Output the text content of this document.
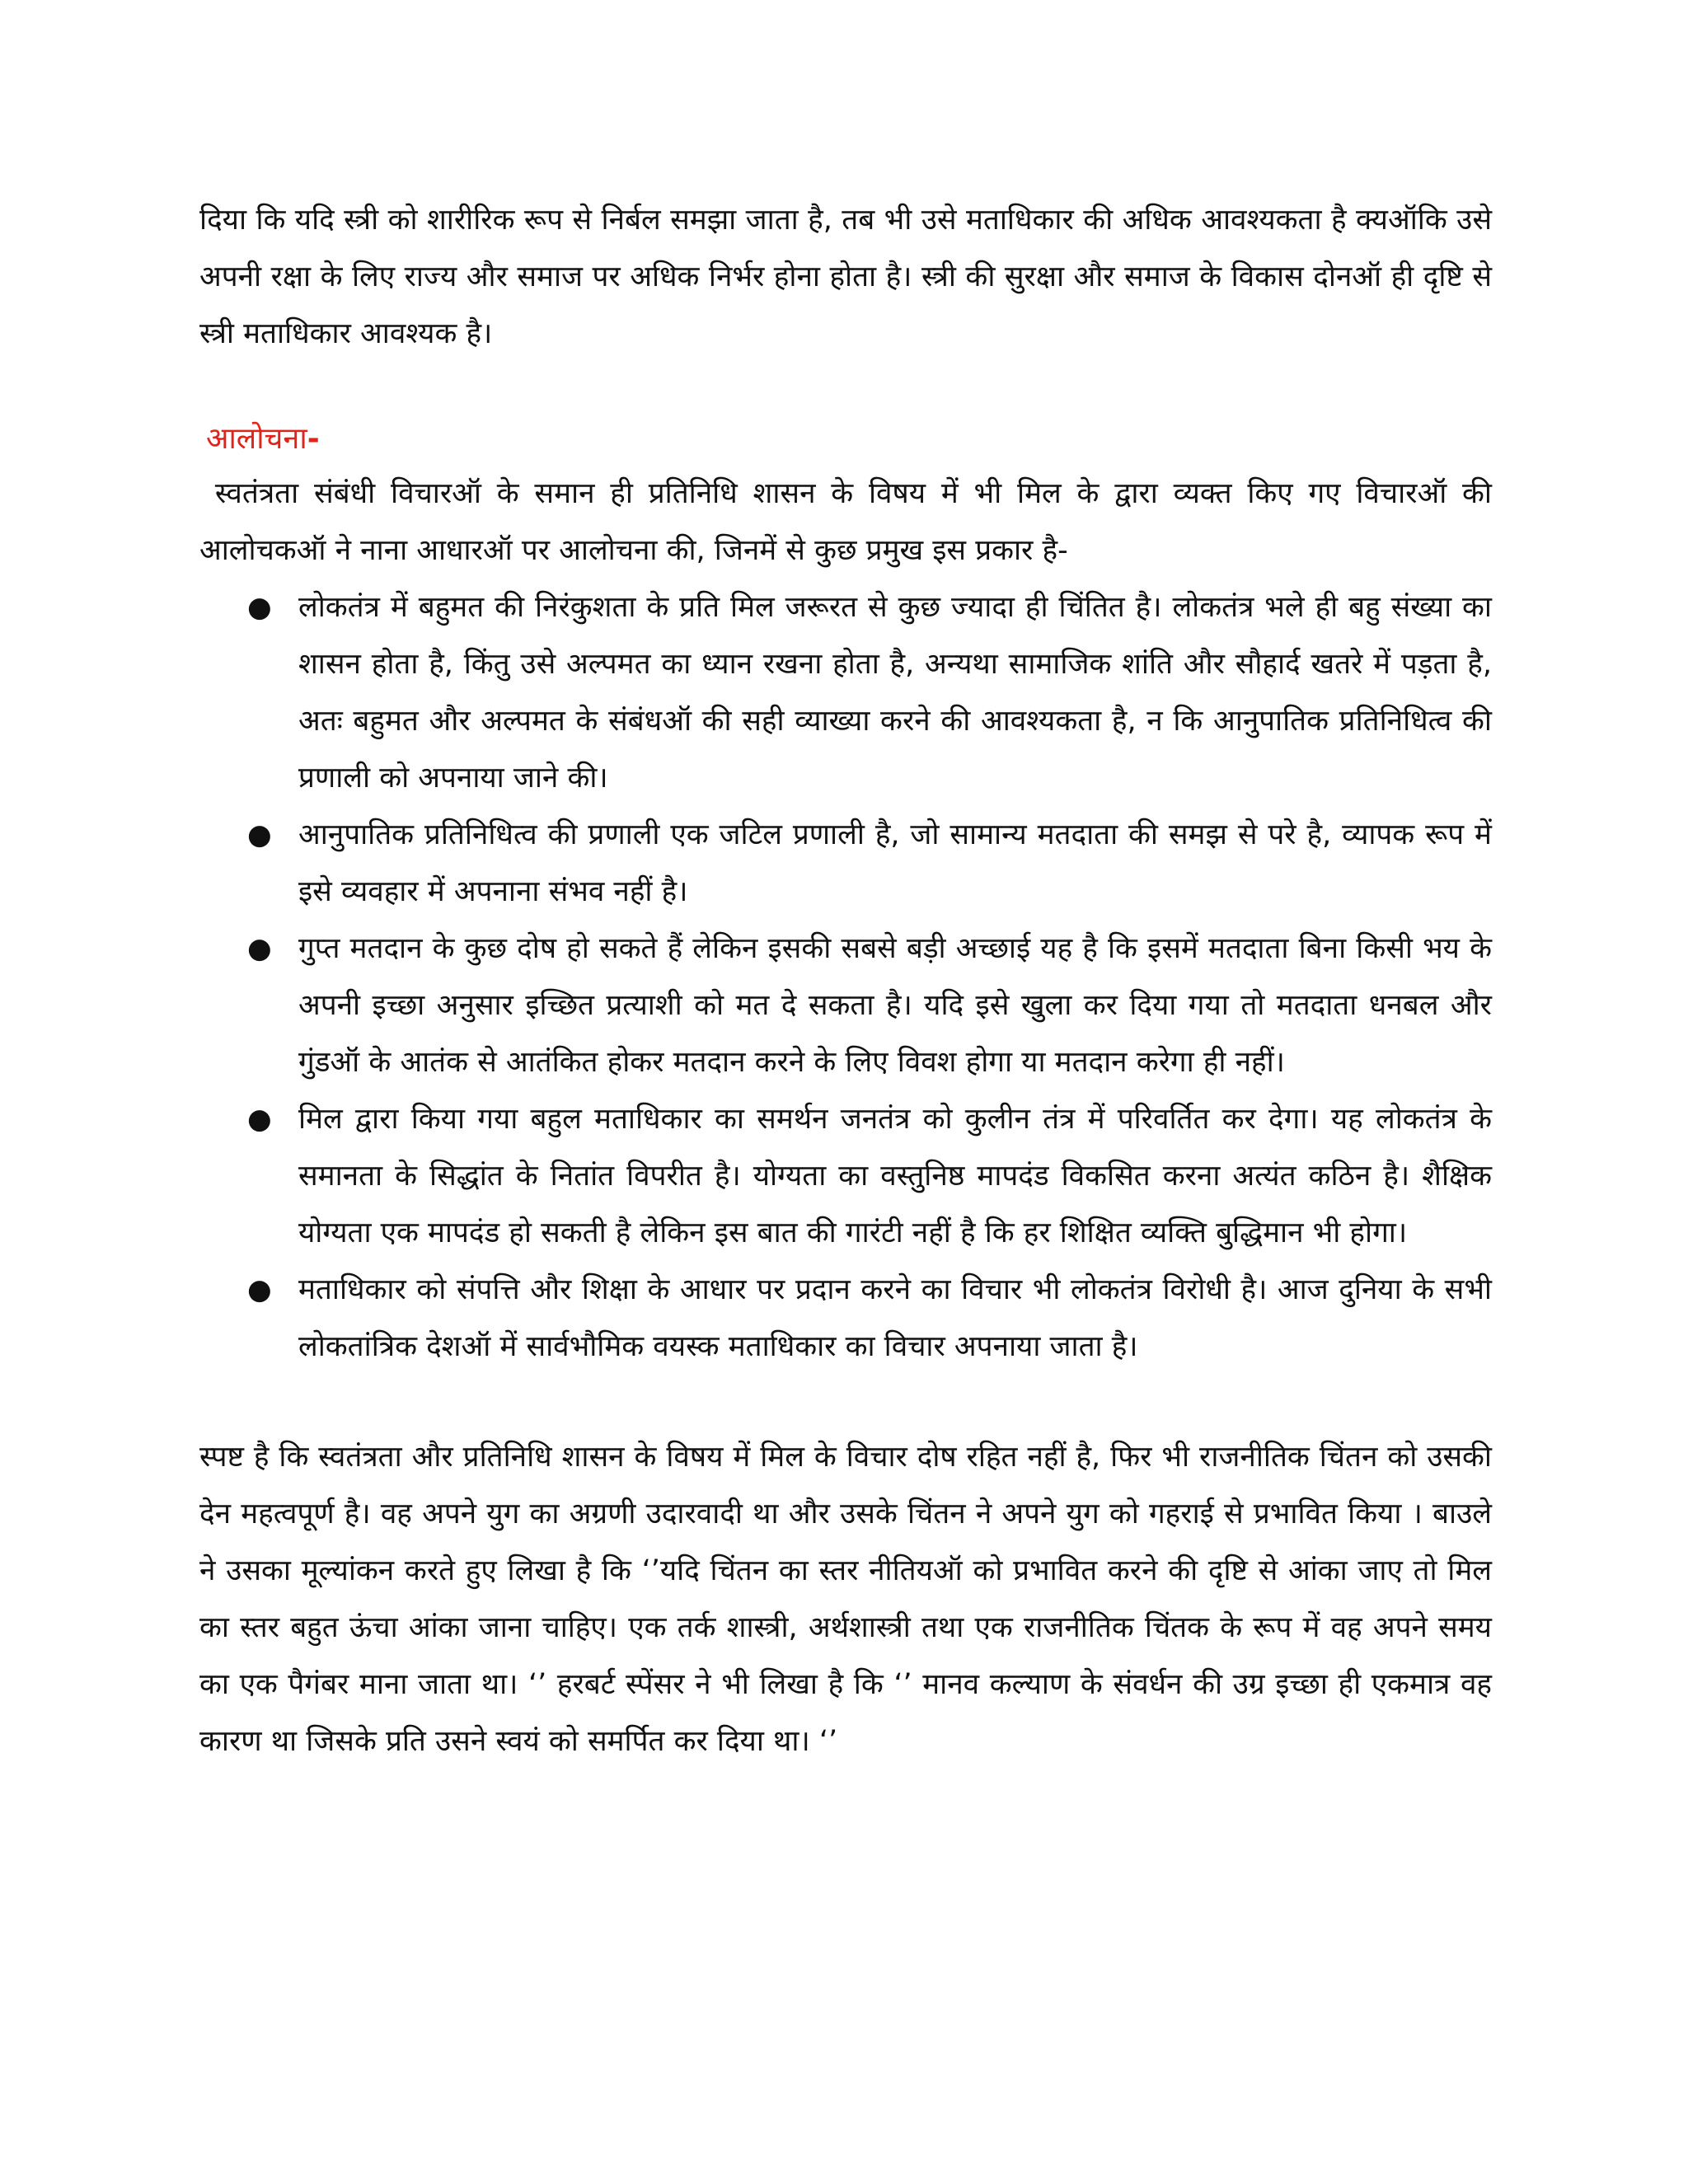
दिया कि यदि स्त्री को शारीरिक रूप से निर्बल समझा जाता है, तब भी उसे मताधिकार की अधिक आवश्यकता है क्यऑकि उसे अपनी रक्षा के लिए राज्य और समाज पर अधिक निर्भर होना होता है। स्त्री की सुरक्षा और समाज के विकास दोनऑ ही दृष्टि से स्त्री मताधिकार आवश्यक है।

आलोचना-

स्वतंत्रता संबंधी विचारऑ के समान ही प्रतिनिधि शासन के विषय में भी मिल के द्वारा व्यक्त किए गए विचारऑ की आलोचकऑ ने नाना आधारऑ पर आलोचना की, जिनमें से कुछ प्रमुख इस प्रकार है-

● लोकतंत्र में बहुमत की निरंकुशता के प्रति मिल जरूरत से कुछ ज्यादा ही चिंतित है। लोकतंत्र भले ही बहु संख्या का शासन होता है, किंतु उसे अल्पमत का ध्यान रखना होता है, अन्यथा सामाजिक शांति और सौहार्द खतरे में पड़ता है, अतः बहुमत और अल्पमत के संबंधऑ की सही व्याख्या करने की आवश्यकता है, न कि आनुपातिक प्रतिनिधित्व की प्रणाली को अपनाया जाने की।
● आनुपातिक प्रतिनिधित्व की प्रणाली एक जटिल प्रणाली है, जो सामान्य मतदाता की समझ से परे है, व्यापक रूप में इसे व्यवहार में अपनाना संभव नहीं है।
● गुप्त मतदान के कुछ दोष हो सकते हैं लेकिन इसकी सबसे बड़ी अच्छाई यह है कि इसमें मतदाता बिना किसी भय के अपनी इच्छा अनुसार इच्छित प्रत्याशी को मत दे सकता है। यदि इसे खुला कर दिया गया तो मतदाता धनबल और गुंडऑ के आतंक से आतंकित होकर मतदान करने के लिए विवश होगा या मतदान करेगा ही नहीं।
● मिल द्वारा किया गया बहुल मताधिकार का समर्थन जनतंत्र को कुलीन तंत्र में परिवर्तित कर देगा। यह लोकतंत्र के समानता के सिद्धांत के नितांत विपरीत है। योग्यता का वस्तुनिष्ठ मापदंड विकसित करना अत्यंत कठिन है। शैक्षिक योग्यता एक मापदंड हो सकती है लेकिन इस बात की गारंटी नहीं है कि हर शिक्षित व्यक्ति बुद्धिमान भी होगा।
● मताधिकार को संपत्ति और शिक्षा के आधार पर प्रदान करने का विचार भी लोकतंत्र विरोधी है। आज दुनिया के सभी लोकतांत्रिक देशऑ में सार्वभौमिक वयस्क मताधिकार का विचार अपनाया जाता है।

स्पष्ट है कि स्वतंत्रता और प्रतिनिधि शासन के विषय में मिल के विचार दोष रहित नहीं है, फिर भी राजनीतिक चिंतन को उसकी देन महत्वपूर्ण है। वह अपने युग का अग्रणी उदारवादी था और उसके चिंतन ने अपने युग को गहराई से प्रभावित किया । बाउले ने उसका मूल्यांकन करते हुए लिखा है कि ‘’यदि चिंतन का स्तर नीतियऑ को प्रभावित करने की दृष्टि से आंका जाए तो मिल का स्तर बहुत ऊंचा आंका जाना चाहिए। एक तर्क शास्त्री, अर्थशास्त्री तथा एक राजनीतिक चिंतक के रूप में वह अपने समय का एक पैगंबर माना जाता था। ‘’ हरबर्ट स्पेंसर ने भी लिखा है कि ‘’ मानव कल्याण के संवर्धन की उग्र इच्छा ही एकमात्र वह कारण था जिसके प्रति उसने स्वयं को समर्पित कर दिया था। ‘’
